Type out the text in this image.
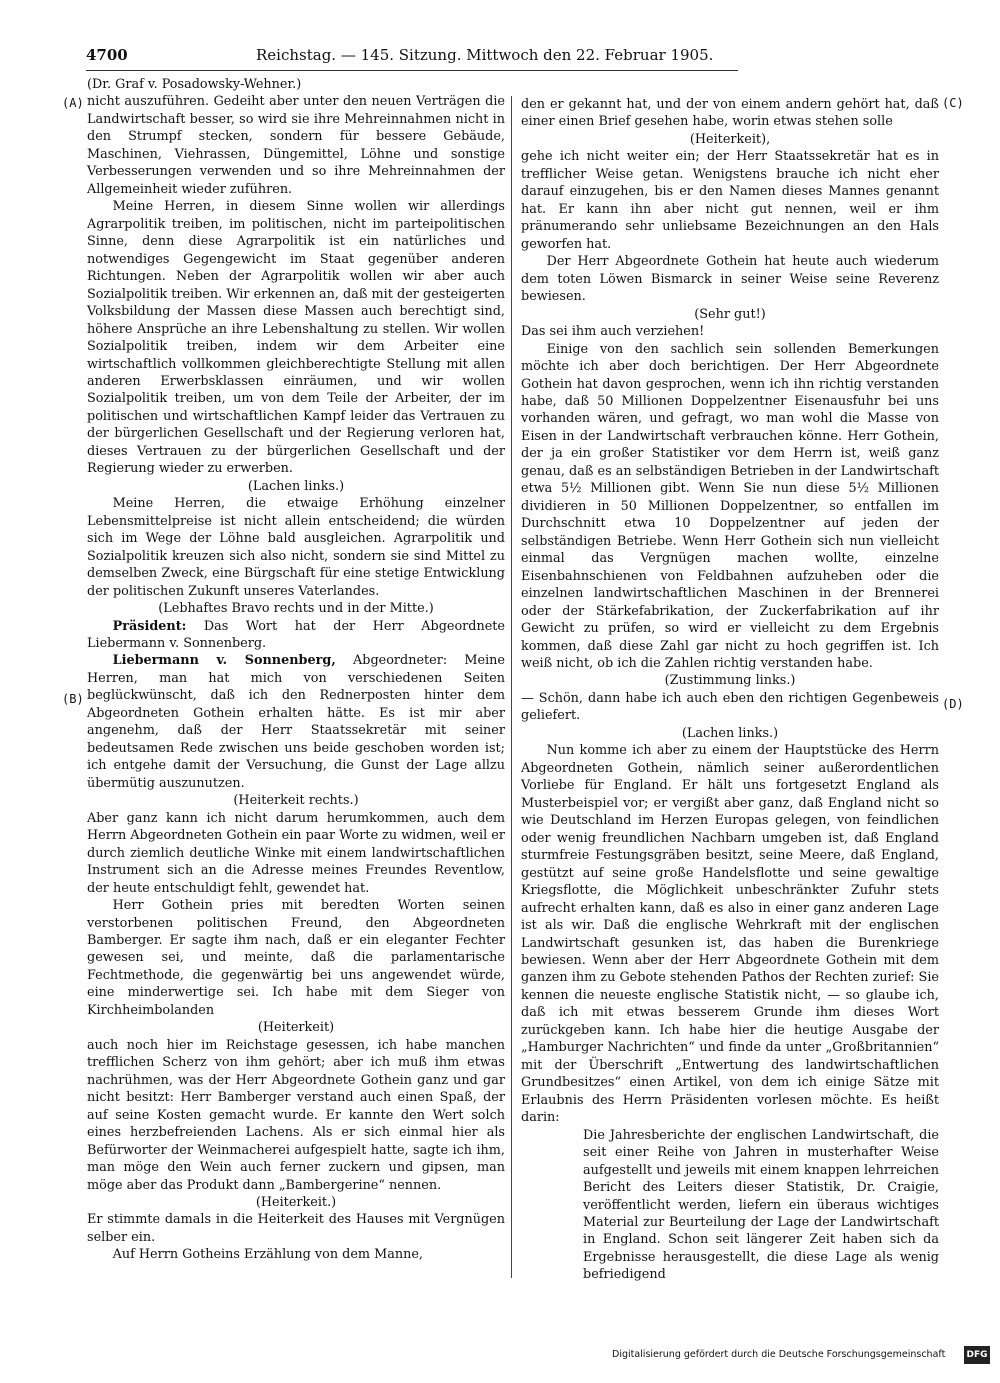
4700	Reichstag. — 145. Sitzung. Mittwoch den 22. Februar 1905.
(A)
(B)
(C)
(D)

(Dr. Graf v. Posadowsky-Wehner.)

nicht auszuführen. Gedeiht aber unter den neuen Verträgen die Landwirtschaft besser, so wird sie ihre Mehreinnahmen nicht in den Strumpf stecken, sondern für bessere Gebäude, Maschinen, Viehrassen, Düngemittel, Löhne und sonstige Verbesserungen verwenden und so ihre Mehreinnahmen der Allgemeinheit wieder zuführen.

Meine Herren, in diesem Sinne wollen wir allerdings Agrarpolitik treiben, im politischen, nicht im parteipolitischen Sinne, denn diese Agrarpolitik ist ein natürliches und notwendiges Gegengewicht im Staat gegenüber anderen Richtungen. Neben der Agrarpolitik wollen wir aber auch Sozialpolitik treiben. Wir erkennen an, daß mit der gesteigerten Volksbildung der Massen diese Massen auch berechtigt sind, höhere Ansprüche an ihre Lebenshaltung zu stellen. Wir wollen Sozialpolitik treiben, indem wir dem Arbeiter eine wirtschaftlich vollkommen gleichberechtigte Stellung mit allen anderen Erwerbsklassen einräumen, und wir wollen Sozialpolitik treiben, um von dem Teile der Arbeiter, der im politischen und wirtschaftlichen Kampf leider das Vertrauen zu der bürgerlichen Gesellschaft und der Regierung verloren hat, dieses Vertrauen zu der bürgerlichen Gesellschaft und der Regierung wieder zu erwerben.

(Lachen links.)

Meine Herren, die etwaige Erhöhung einzelner Lebensmittelpreise ist nicht allein entscheidend; die würden sich im Wege der Löhne bald ausgleichen. Agrarpolitik und Sozialpolitik kreuzen sich also nicht, sondern sie sind Mittel zu demselben Zweck, eine Bürgschaft für eine stetige Entwicklung der politischen Zukunft unseres Vaterlandes.

(Lebhaftes Bravo rechts und in der Mitte.)

Präsident: Das Wort hat der Herr Abgeordnete Liebermann v. Sonnenberg.

Liebermann v. Sonnenberg, Abgeordneter: Meine Herren, man hat mich von verschiedenen Seiten beglückwünscht, daß ich den Rednerposten hinter dem Abgeordneten Gothein erhalten hätte. Es ist mir aber angenehm, daß der Herr Staatssekretär mit seiner bedeutsamen Rede zwischen uns beide geschoben worden ist; ich entgehe damit der Versuchung, die Gunst der Lage allzu übermütig auszunutzen.

(Heiterkeit rechts.)

Aber ganz kann ich nicht darum herumkommen, auch dem Herrn Abgeordneten Gothein ein paar Worte zu widmen, weil er durch ziemlich deutliche Winke mit einem landwirtschaftlichen Instrument sich an die Adresse meines Freundes Reventlow, der heute entschuldigt fehlt, gewendet hat.

Herr Gothein pries mit beredten Worten seinen verstorbenen politischen Freund, den Abgeordneten Bamberger. Er sagte ihm nach, daß er ein eleganter Fechter gewesen sei, und meinte, daß die parlamentarische Fechtmethode, die gegenwärtig bei uns angewendet würde, eine minderwertige sei. Ich habe mit dem Sieger von Kirchheimbolanden

(Heiterkeit)

auch noch hier im Reichstage gesessen, ich habe manchen trefflichen Scherz von ihm gehört; aber ich muß ihm etwas nachrühmen, was der Herr Abgeordnete Gothein ganz und gar nicht besitzt: Herr Bamberger verstand auch einen Spaß, der auf seine Kosten gemacht wurde. Er kannte den Wert solch eines herzbefreienden Lachens. Als er sich einmal hier als Befürworter der Weinmacherei aufgespielt hatte, sagte ich ihm, man möge den Wein auch ferner zuckern und gipsen, man möge aber das Produkt dann „Bambergerine“ nennen.

(Heiterkeit.)

Er stimmte damals in die Heiterkeit des Hauses mit Vergnügen selber ein.

Auf Herrn Gotheins Erzählung von dem Manne,

den er gekannt hat, und der von einem andern gehört hat, daß einer einen Brief gesehen habe, worin etwas stehen solle

(Heiterkeit),

gehe ich nicht weiter ein; der Herr Staatssekretär hat es in trefflicher Weise getan. Wenigstens brauche ich nicht eher darauf einzugehen, bis er den Namen dieses Mannes genannt hat. Er kann ihn aber nicht gut nennen, weil er ihm pränumerando sehr unliebsame Bezeichnungen an den Hals geworfen hat.

Der Herr Abgeordnete Gothein hat heute auch wiederum dem toten Löwen Bismarck in seiner Weise seine Reverenz bewiesen.

(Sehr gut!)

Das sei ihm auch verziehen!

Einige von den sachlich sein sollenden Bemerkungen möchte ich aber doch berichtigen. Der Herr Abgeordnete Gothein hat davon gesprochen, wenn ich ihn richtig verstanden habe, daß 50 Millionen Doppelzentner Eisenausfuhr bei uns vorhanden wären, und gefragt, wo man wohl die Masse von Eisen in der Landwirtschaft verbrauchen könne. Herr Gothein, der ja ein großer Statistiker vor dem Herrn ist, weiß ganz genau, daß es an selbständigen Betrieben in der Landwirtschaft etwa 5½ Millionen gibt. Wenn Sie nun diese 5½ Millionen dividieren in 50 Millionen Doppelzentner, so entfallen im Durchschnitt etwa 10 Doppelzentner auf jeden der selbständigen Betriebe. Wenn Herr Gothein sich nun vielleicht einmal das Vergnügen machen wollte, einzelne Eisenbahnschienen von Feldbahnen aufzuheben oder die einzelnen landwirtschaftlichen Maschinen in der Brennerei oder der Stärkefabrikation, der Zuckerfabrikation auf ihr Gewicht zu prüfen, so wird er vielleicht zu dem Ergebnis kommen, daß diese Zahl gar nicht zu hoch gegriffen ist. Ich weiß nicht, ob ich die Zahlen richtig verstanden habe.

(Zustimmung links.)

— Schön, dann habe ich auch eben den richtigen Gegenbeweis geliefert.

(Lachen links.)

Nun komme ich aber zu einem der Hauptstücke des Herrn Abgeordneten Gothein, nämlich seiner außerordentlichen Vorliebe für England. Er hält uns fortgesetzt England als Musterbeispiel vor; er vergißt aber ganz, daß England nicht so wie Deutschland im Herzen Europas gelegen, von feindlichen oder wenig freundlichen Nachbarn umgeben ist, daß England sturmfreie Festungsgräben besitzt, seine Meere, daß England, gestützt auf seine große Handelsflotte und seine gewaltige Kriegsflotte, die Möglichkeit unbeschränkter Zufuhr stets aufrecht erhalten kann, daß es also in einer ganz anderen Lage ist als wir. Daß die englische Wehrkraft mit der englischen Landwirtschaft gesunken ist, das haben die Burenkriege bewiesen. Wenn aber der Herr Abgeordnete Gothein mit dem ganzen ihm zu Gebote stehenden Pathos der Rechten zurief: Sie kennen die neueste englische Statistik nicht, — so glaube ich, daß ich mit etwas besserem Grunde ihm dieses Wort zurückgeben kann. Ich habe hier die heutige Ausgabe der „Hamburger Nachrichten“ und finde da unter „Großbritannien“ mit der Überschrift „Entwertung des landwirtschaftlichen Grundbesitzes“ einen Artikel, von dem ich einige Sätze mit Erlaubnis des Herrn Präsidenten vorlesen möchte. Es heißt darin:

Die Jahresberichte der englischen Landwirtschaft, die seit einer Reihe von Jahren in musterhafter Weise aufgestellt und jeweils mit einem knappen lehrreichen Bericht des Leiters dieser Statistik, Dr. Craigie, veröffentlicht werden, liefern ein überaus wichtiges Material zur Beurteilung der Lage der Landwirtschaft in England. Schon seit längerer Zeit haben sich da Ergebnisse herausgestellt, die diese Lage als wenig befriedigend

Digitalisierung gefördert durch die Deutsche Forschungsgemeinschaft DFG
